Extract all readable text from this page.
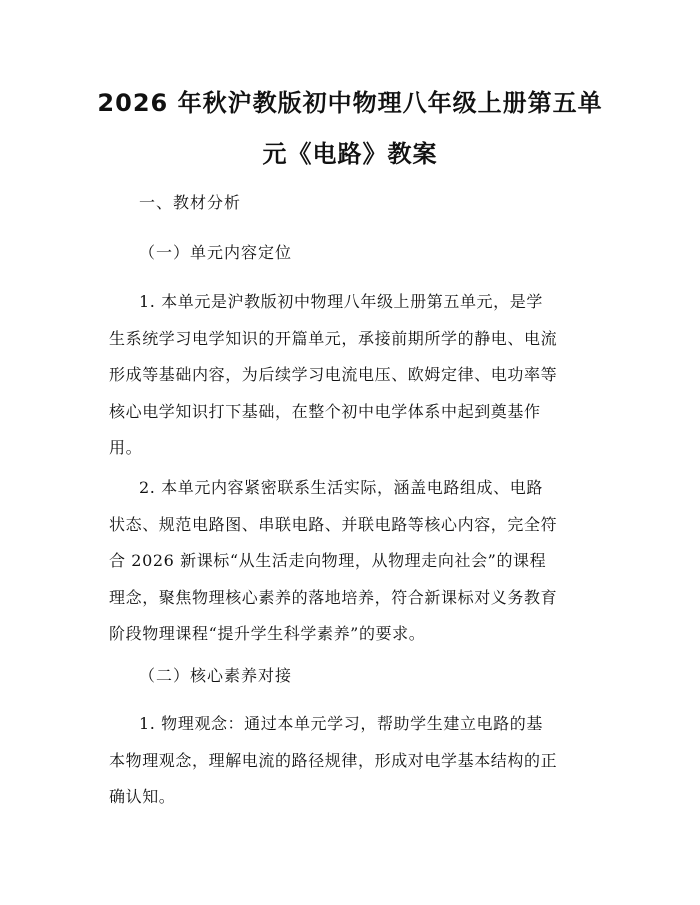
2026 年秋沪教版初中物理八年级上册第五单
元《电路》教案
一、教材分析
（一）单元内容定位
1. 本单元是沪教版初中物理八年级上册第五单元，是学
生系统学习电学知识的开篇单元，承接前期所学的静电、电流
形成等基础内容，为后续学习电流电压、欧姆定律、电功率等
核心电学知识打下基础，在整个初中电学体系中起到奠基作
用。
2. 本单元内容紧密联系生活实际，涵盖电路组成、电路
状态、规范电路图、串联电路、并联电路等核心内容，完全符
合 2026 新课标“从生活走向物理，从物理走向社会”的课程
理念，聚焦物理核心素养的落地培养，符合新课标对义务教育
阶段物理课程“提升学生科学素养”的要求。
（二）核心素养对接
1. 物理观念：通过本单元学习，帮助学生建立电路的基
本物理观念，理解电流的路径规律，形成对电学基本结构的正
确认知。
